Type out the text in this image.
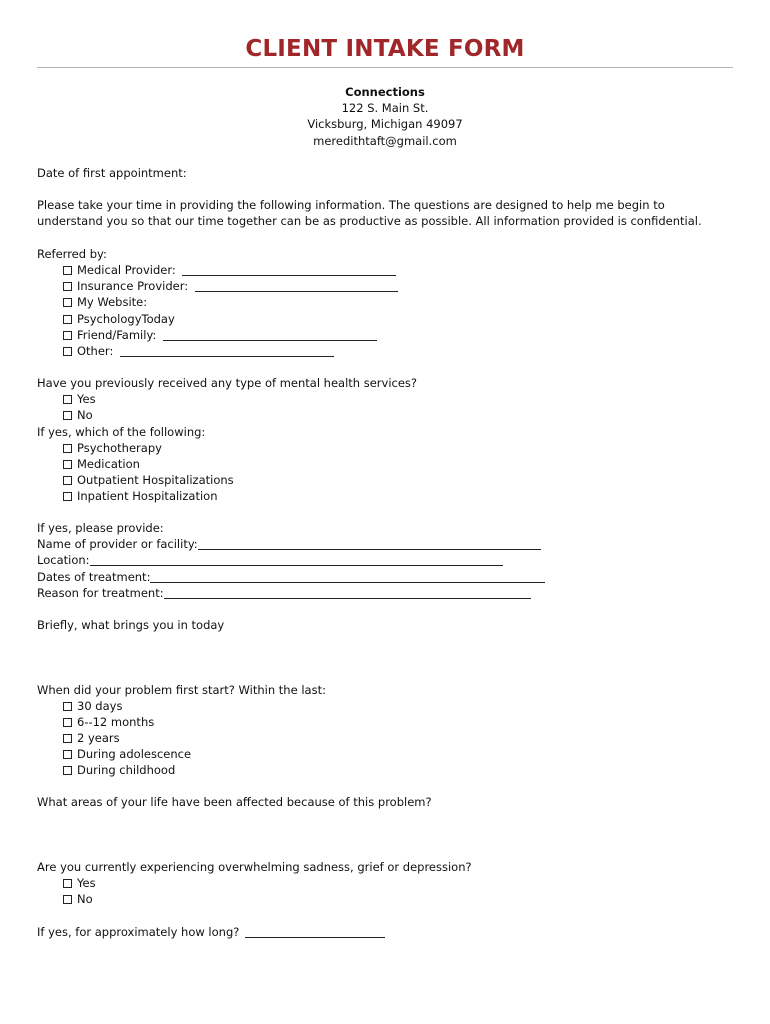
CLIENT INTAKE FORM
Connections
122 S. Main St.
Vicksburg, Michigan 49097
meredithtaft@gmail.com
Date of first appointment:
Please take your time in providing the following information. The questions are designed to help me begin to understand you so that our time together can be as productive as possible. All information provided is confidential.
Referred by:
Medical Provider:
Insurance Provider:
My Website:
PsychologyToday
Friend/Family:
Other:
Have you previously received any type of mental health services?
Yes
No
If yes, which of the following:
Psychotherapy
Medication
Outpatient Hospitalizations
Inpatient Hospitalization
If yes, please provide:
Name of provider or facility:
Location:
Dates of treatment:
Reason for treatment:
Briefly, what brings you in today
When did your problem first start? Within the last:
30 days
6--12 months
2 years
During adolescence
During childhood
What areas of your life have been affected because of this problem?
Are you currently experiencing overwhelming sadness, grief or depression?
Yes
No
If yes, for approximately how long?
